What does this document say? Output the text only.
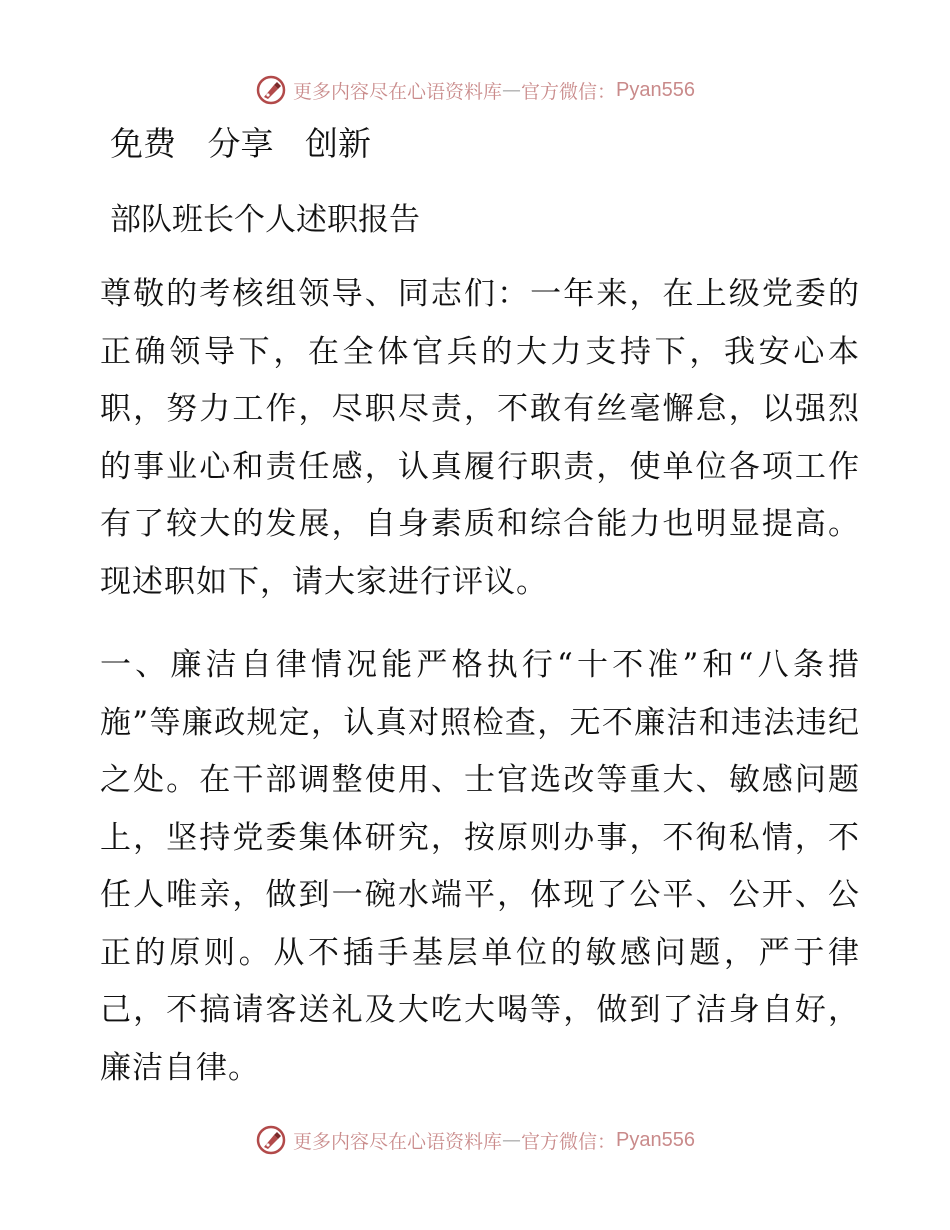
更多内容尽在心语资料库 — 官方微信： Pyan556
免费   分享   创新
部队班长个人述职报告

尊敬的考核组领导、同志们：一年来，在上级党委的正确领导下，在全体官兵的大力支持下，我安心本职，努力工作，尽职尽责，不敢有丝毫懈怠，以强烈的事业心和责任感，认真履行职责，使单位各项工作有了较大的发展，自身素质和综合能力也明显提高。现述职如下，请大家进行评议。

一、廉洁自律情况能严格执行“十不准”和“八条措施”等廉政规定，认真对照检查，无不廉洁和违法违纪之处。在干部调整使用、士官选改等重大、敏感问题上，坚持党委集体研究，按原则办事，不徇私情，不任人唯亲，做到一碗水端平，体现了公平、公开、公正的原则。从不插手基层单位的敏感问题，严于律己，不搞请客送礼及大吃大喝等，做到了洁身自好，廉洁自律。

更多内容尽在心语资料库 — 官方微信： Pyan556
